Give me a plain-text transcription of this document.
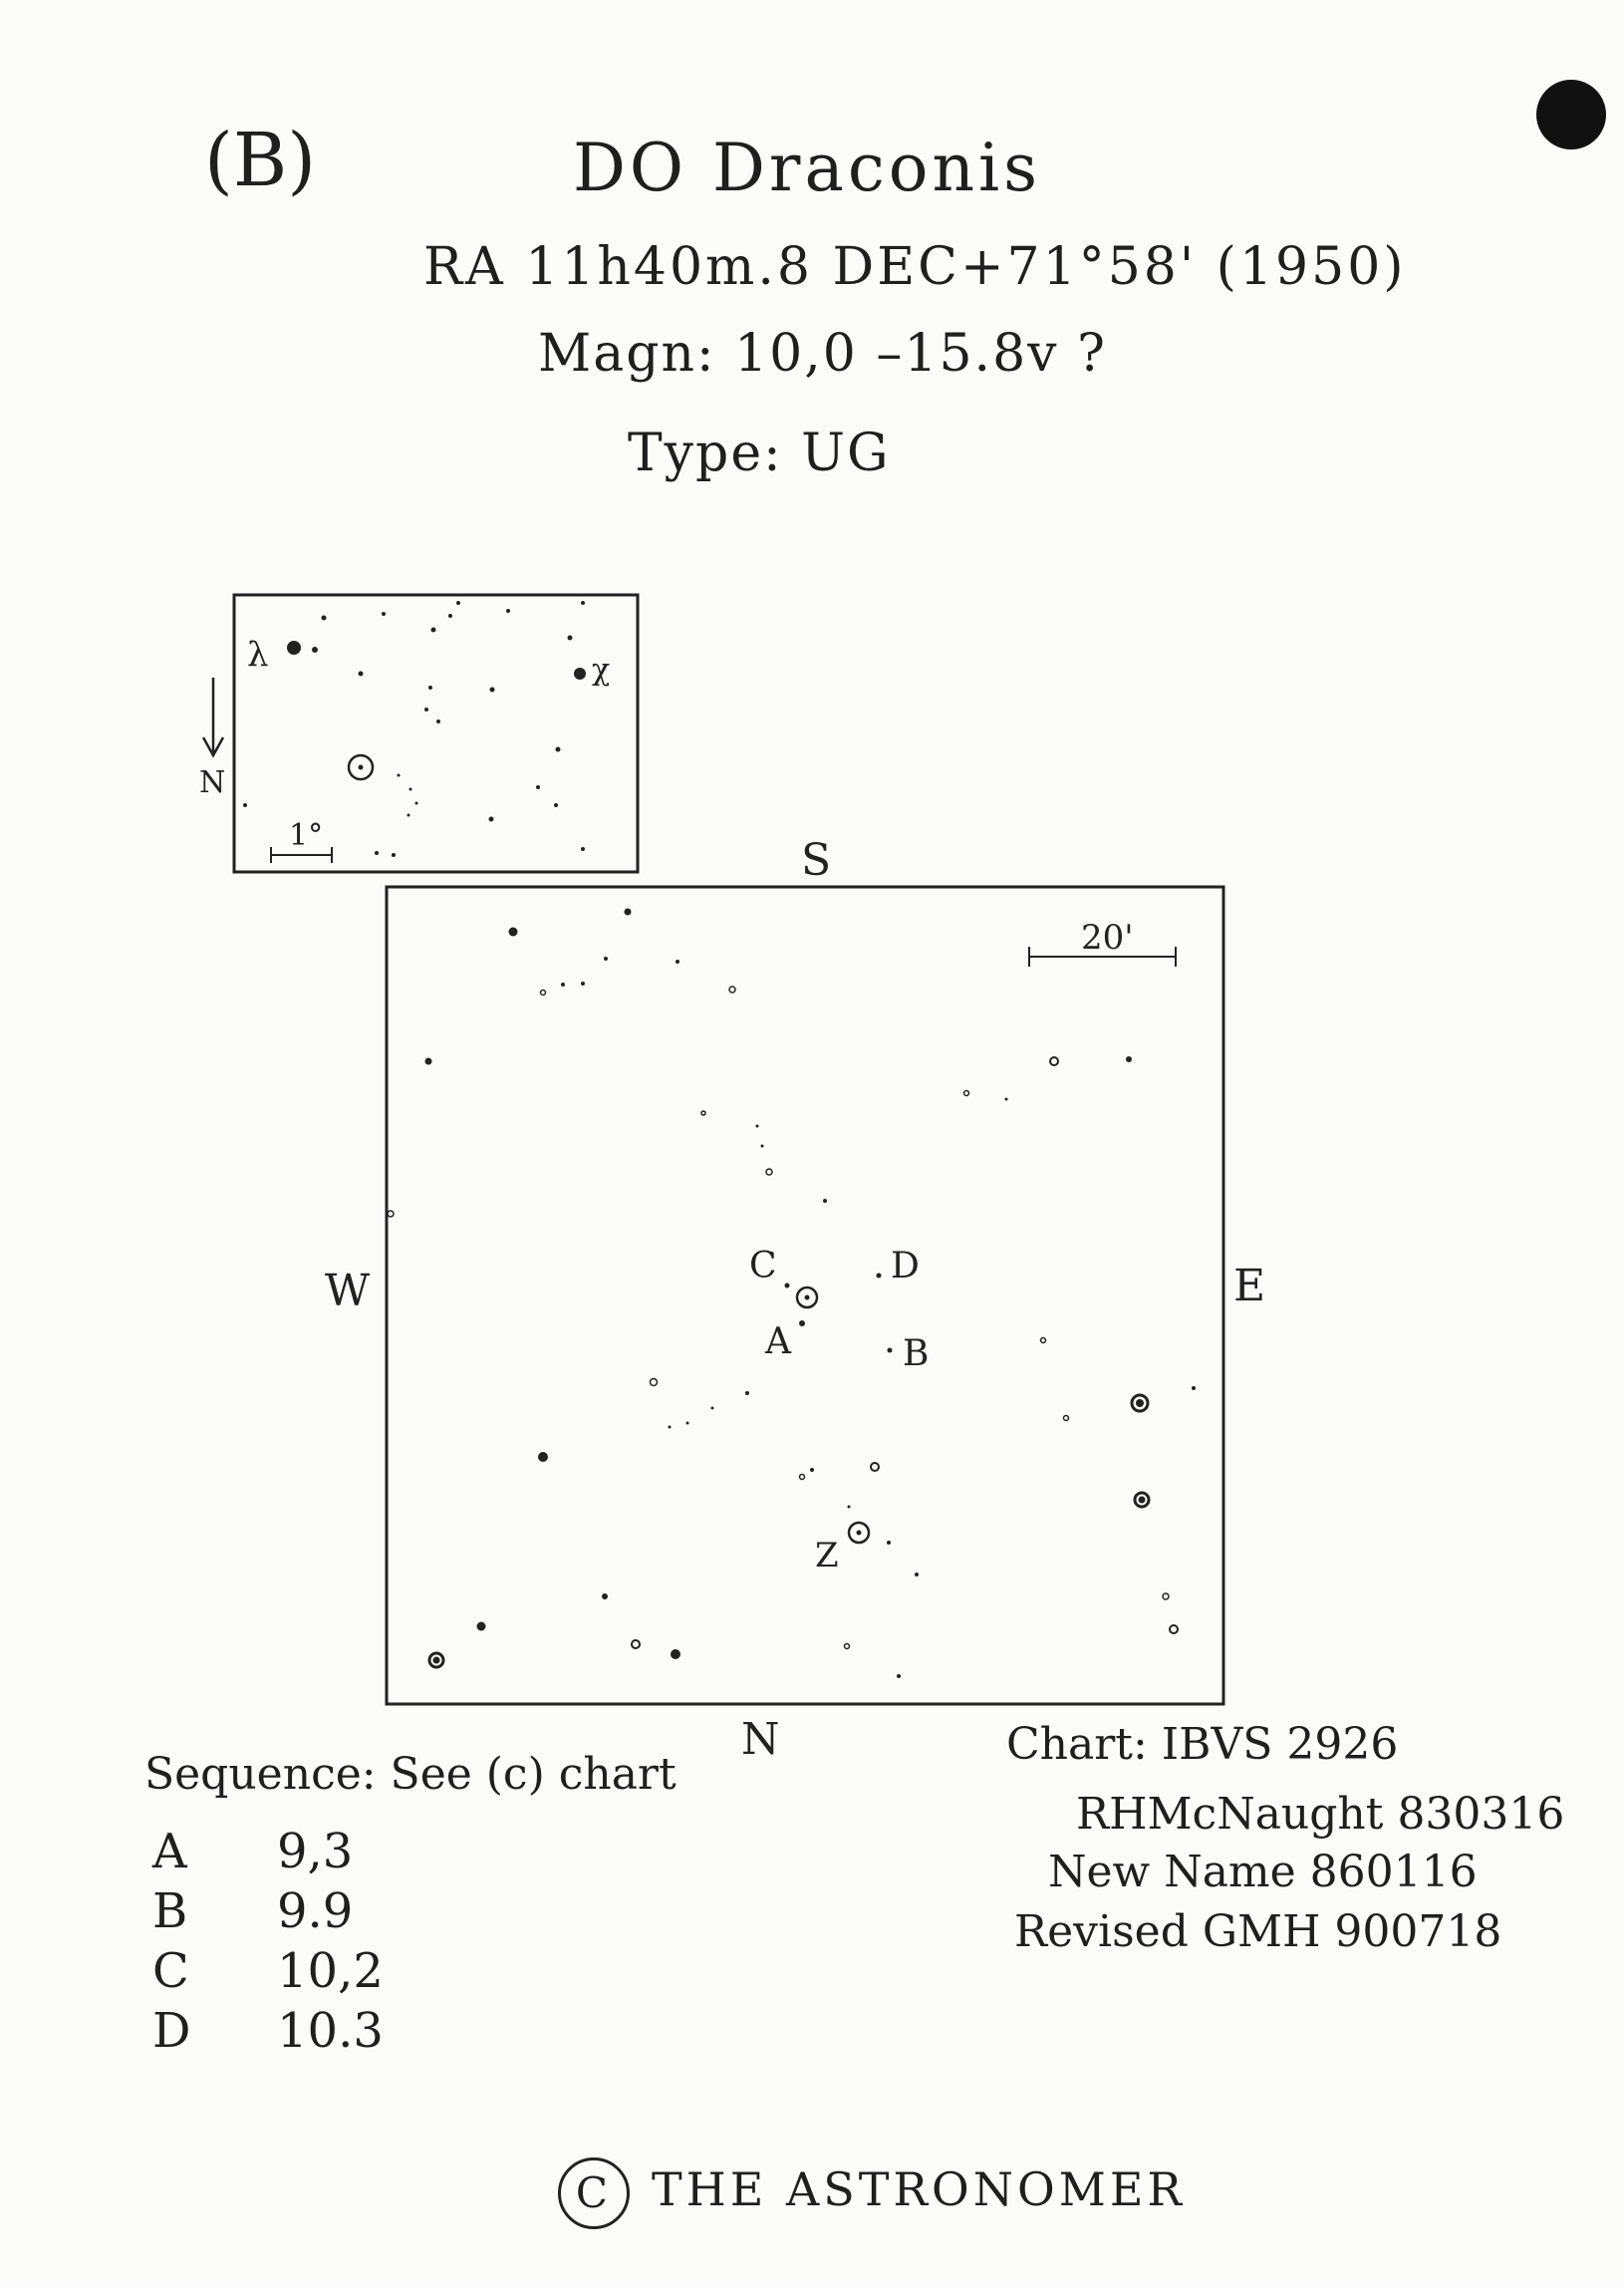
(B)	DO Draconis
RA 11h40m.8 DEC+71°58' (1950)
Magn: 10,0 –15.8v ?
Type: UG
λ	χ
1°
N
S
N
W	E
20'
C	D
A	B
Z
Sequence: See (c) chart
A 9,3
B 9.9
C 10,2
D 10.3
Chart: IBVS 2926
RHMcNaught 830316
New Name 860116
Revised GMH 900718
C THE ASTRONOMER
